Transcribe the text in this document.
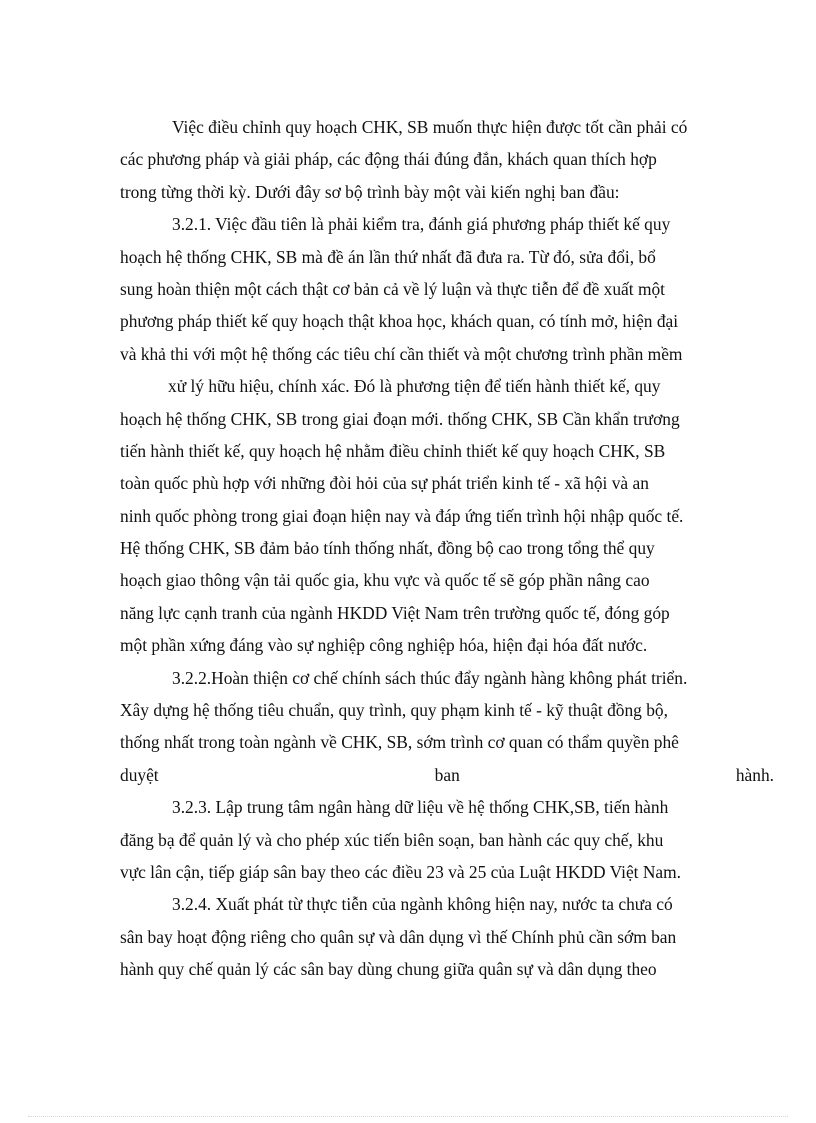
Việc điều chỉnh quy hoạch CHK, SB muốn thực hiện được tốt cần phải có
các phương pháp và giải pháp, các động thái đúng đắn, khách quan thích hợp
trong từng thời kỳ. Dưới đây sơ bộ trình bày một vài kiến nghị ban đầu:
3.2.1. Việc đầu tiên là phải kiểm tra, đánh giá phương pháp thiết kế quy
hoạch hệ thống CHK, SB mà đề án lần thứ nhất đã đưa ra. Từ đó, sửa đổi, bổ
sung hoàn thiện một cách thật cơ bản cả về lý luận và thực tiễn để đề xuất một
phương pháp thiết kế quy hoạch thật khoa học, khách quan, có tính mở, hiện đại
và khả thi với một hệ thống các tiêu chí cần thiết và một chương trình phần mềm
xử lý hữu hiệu, chính xác. Đó là phương tiện để tiến hành thiết kế, quy
hoạch hệ thống CHK, SB trong giai đoạn mới. thống CHK, SB Cần khẩn trương
tiến hành thiết kế, quy hoạch hệ nhằm điều chỉnh thiết kế quy hoạch CHK, SB
toàn quốc phù hợp với những đòi hỏi của sự phát triển kinh tế - xã hội và an
ninh quốc phòng trong giai đoạn hiện nay và đáp ứng tiến trình hội nhập quốc tế.
Hệ thống CHK, SB đảm bảo tính thống nhất, đồng bộ cao trong tổng thể quy
hoạch giao thông vận tải quốc gia, khu vực và quốc tế sẽ góp phần nâng cao
năng lực cạnh tranh của ngành HKDD Việt Nam trên trường quốc tế, đóng góp
một phần xứng đáng vào sự nghiệp công nghiệp hóa, hiện đại hóa đất nước.
3.2.2.Hoàn thiện cơ chế chính sách thúc đẩy ngành hàng không phát triển.
Xây dựng hệ thống tiêu chuẩn, quy trình, quy phạm kinh tế - kỹ thuật đồng bộ,
thống nhất trong toàn ngành về CHK, SB, sớm trình cơ quan có thẩm quyền phê
duyệt	ban	hành.
3.2.3. Lập trung tâm ngân hàng dữ liệu về hệ thống CHK,SB, tiến hành
đăng bạ để quản lý và cho phép xúc tiến biên soạn, ban hành các quy chế, khu
vực lân cận, tiếp giáp sân bay theo các điều 23 và 25 của Luật HKDD Việt Nam.
3.2.4. Xuất phát từ thực tiễn của ngành không hiện nay, nước ta chưa có
sân bay hoạt động riêng cho quân sự và dân dụng vì thế Chính phủ cần sớm ban
hành quy chế quản lý các sân bay dùng chung giữa quân sự và dân dụng theo
